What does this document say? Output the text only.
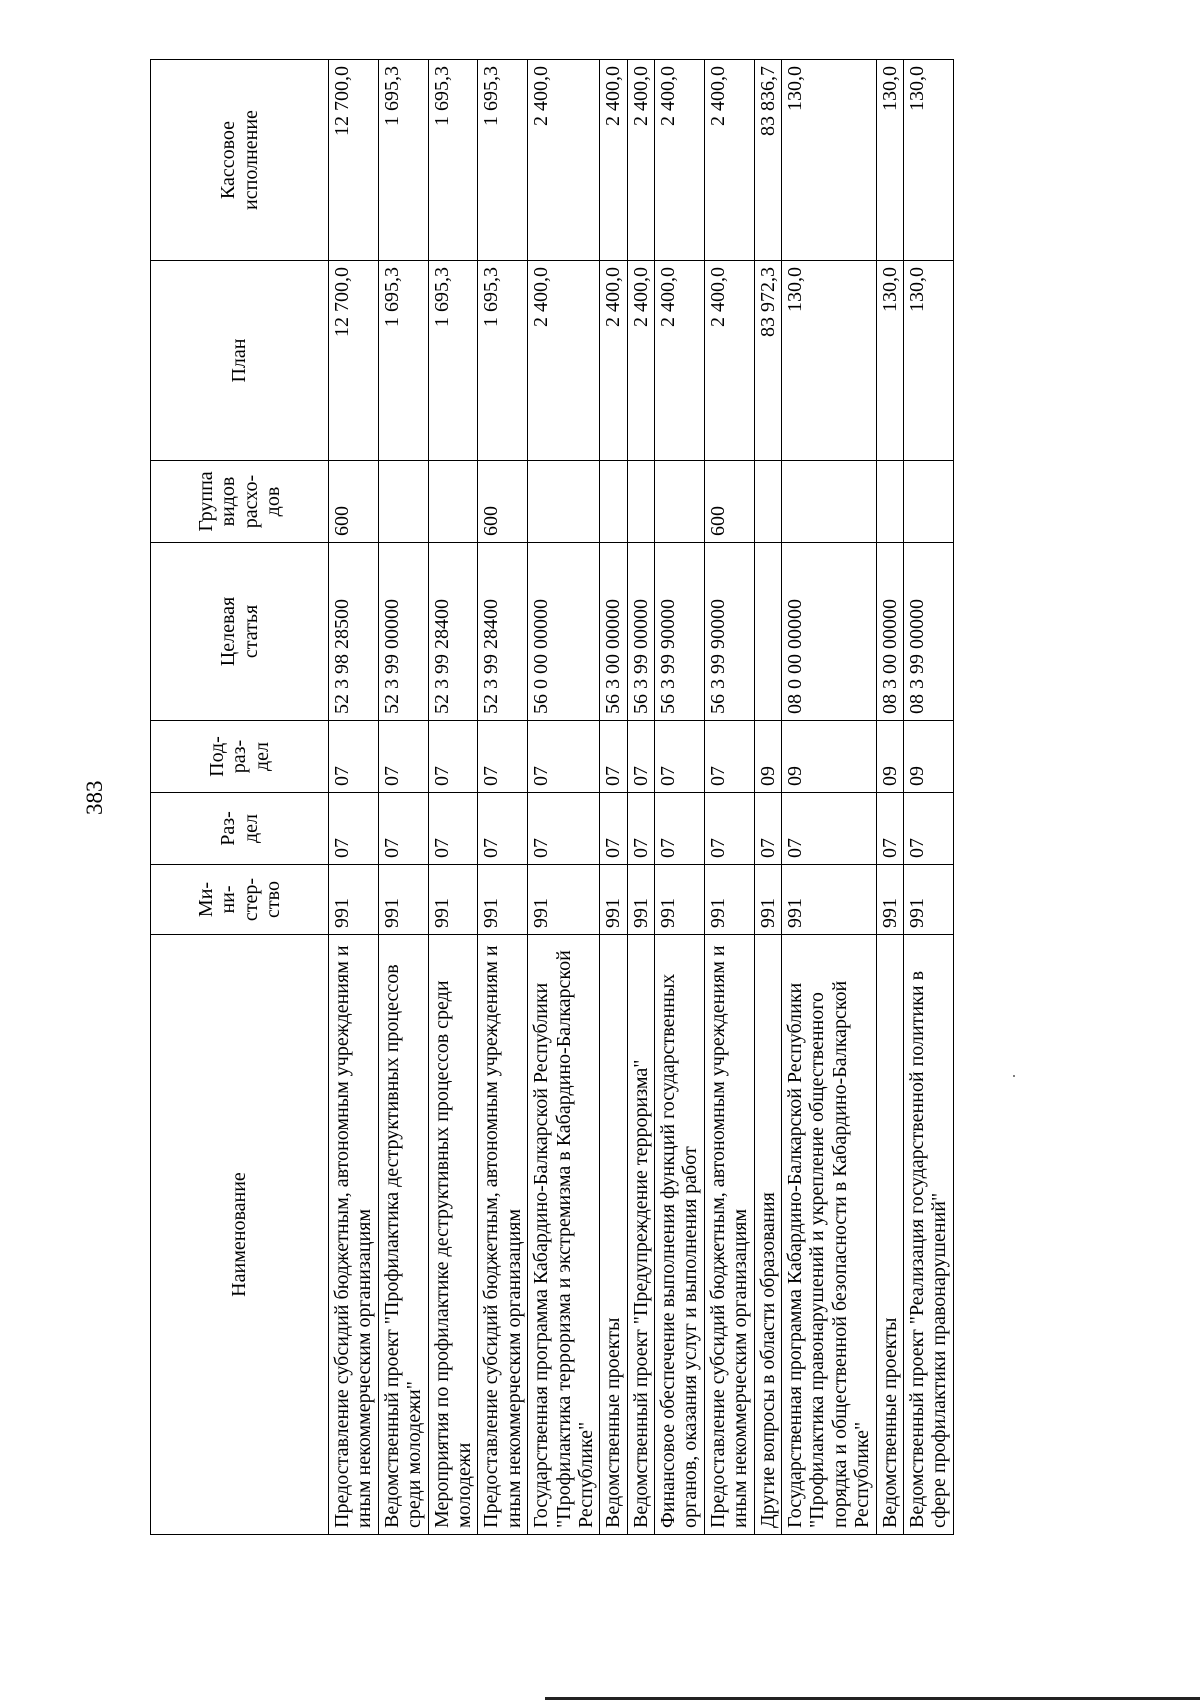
383
Наименование	Ми-
ни-
стер-
ство	Раз-
дел	Под-
раз-
дел	Целевая
статья	Группа
видов
расхо-
дов	План	Кассовое
исполнение
Предоставление субсидий бюджетным, автономным учреждениям и иным некоммерческим организациям	991	07	07	52 3 98 28500	600	12 700,0	12 700,0
Ведомственный проект "Профилактика деструктивных процессов среди молодежи"	991	07	07	52 3 99 00000		1 695,3	1 695,3
Мероприятия по профилактике деструктивных процессов среди молодежи	991	07	07	52 3 99 28400		1 695,3	1 695,3
Предоставление субсидий бюджетным, автономным учреждениям и иным некоммерческим организациям	991	07	07	52 3 99 28400	600	1 695,3	1 695,3
Государственная программа Кабардино-Балкарской Республики "Профилактика терроризма и экстремизма в Кабардино-Балкарской Республике"	991	07	07	56 0 00 00000		2 400,0	2 400,0
Ведомственные проекты	991	07	07	56 3 00 00000		2 400,0	2 400,0
Ведомственный проект "Предупреждение терроризма"	991	07	07	56 3 99 00000		2 400,0	2 400,0
Финансовое обеспечение выполнения функций государственных органов, оказания услуг и выполнения работ	991	07	07	56 3 99 90000		2 400,0	2 400,0
Предоставление субсидий бюджетным, автономным учреждениям и иным некоммерческим организациям	991	07	07	56 3 99 90000	600	2 400,0	2 400,0
Другие вопросы в области образования	991	07	09			83 972,3	83 836,7
Государственная программа Кабардино-Балкарской Республики "Профилактика правонарушений и укрепление общественного порядка и общественной безопасности в Кабардино-Балкарской Республике"	991	07	09	08 0 00 00000		130,0	130,0
Ведомственные проекты	991	07	09	08 3 00 00000		130,0	130,0
Ведомственный проект "Реализация государственной политики в сфере профилактики правонарушений"	991	07	09	08 3 99 00000		130,0	130,0
